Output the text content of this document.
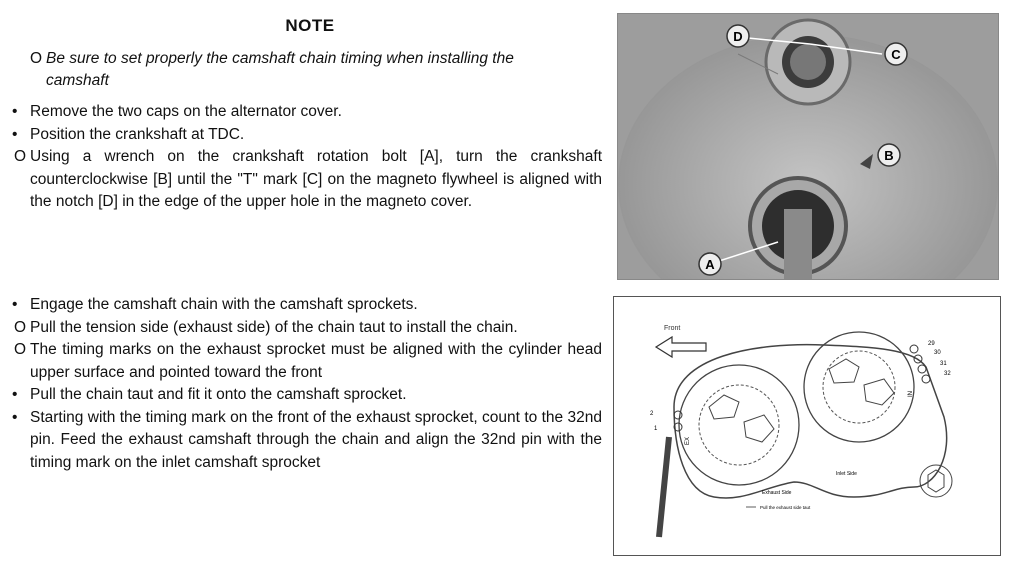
NOTE
O Be sure to set properly the camshaft chain timing when installing the
camshaft
• Remove the two caps on the alternator cover.
• Position the crankshaft at TDC.
O Using a wrench on the crankshaft rotation bolt [A], turn the crankshaft counterclockwise [B] until the "T" mark [C] on the magneto flywheel is aligned with the notch [D] in the edge of the upper hole in the magneto cover.
• Engage the camshaft chain with the camshaft sprockets.
O Pull the tension side (exhaust side) of the chain taut to install the chain.
O The timing marks on the exhaust sprocket must be aligned with the cylinder head upper surface and pointed toward the front
• Pull the chain taut and fit it onto the camshaft sprocket.
• Starting with the timing mark on the front of the exhaust sprocket, count to the 32nd pin. Feed the exhaust camshaft through the chain and align the 32nd pin with the timing mark on the inlet camshaft sprocket
D
C
B
A
Front
29
30
31
32
2
1
EX
IN
Inlet Side
Exhaust Side
Pull the exhaust side taut
